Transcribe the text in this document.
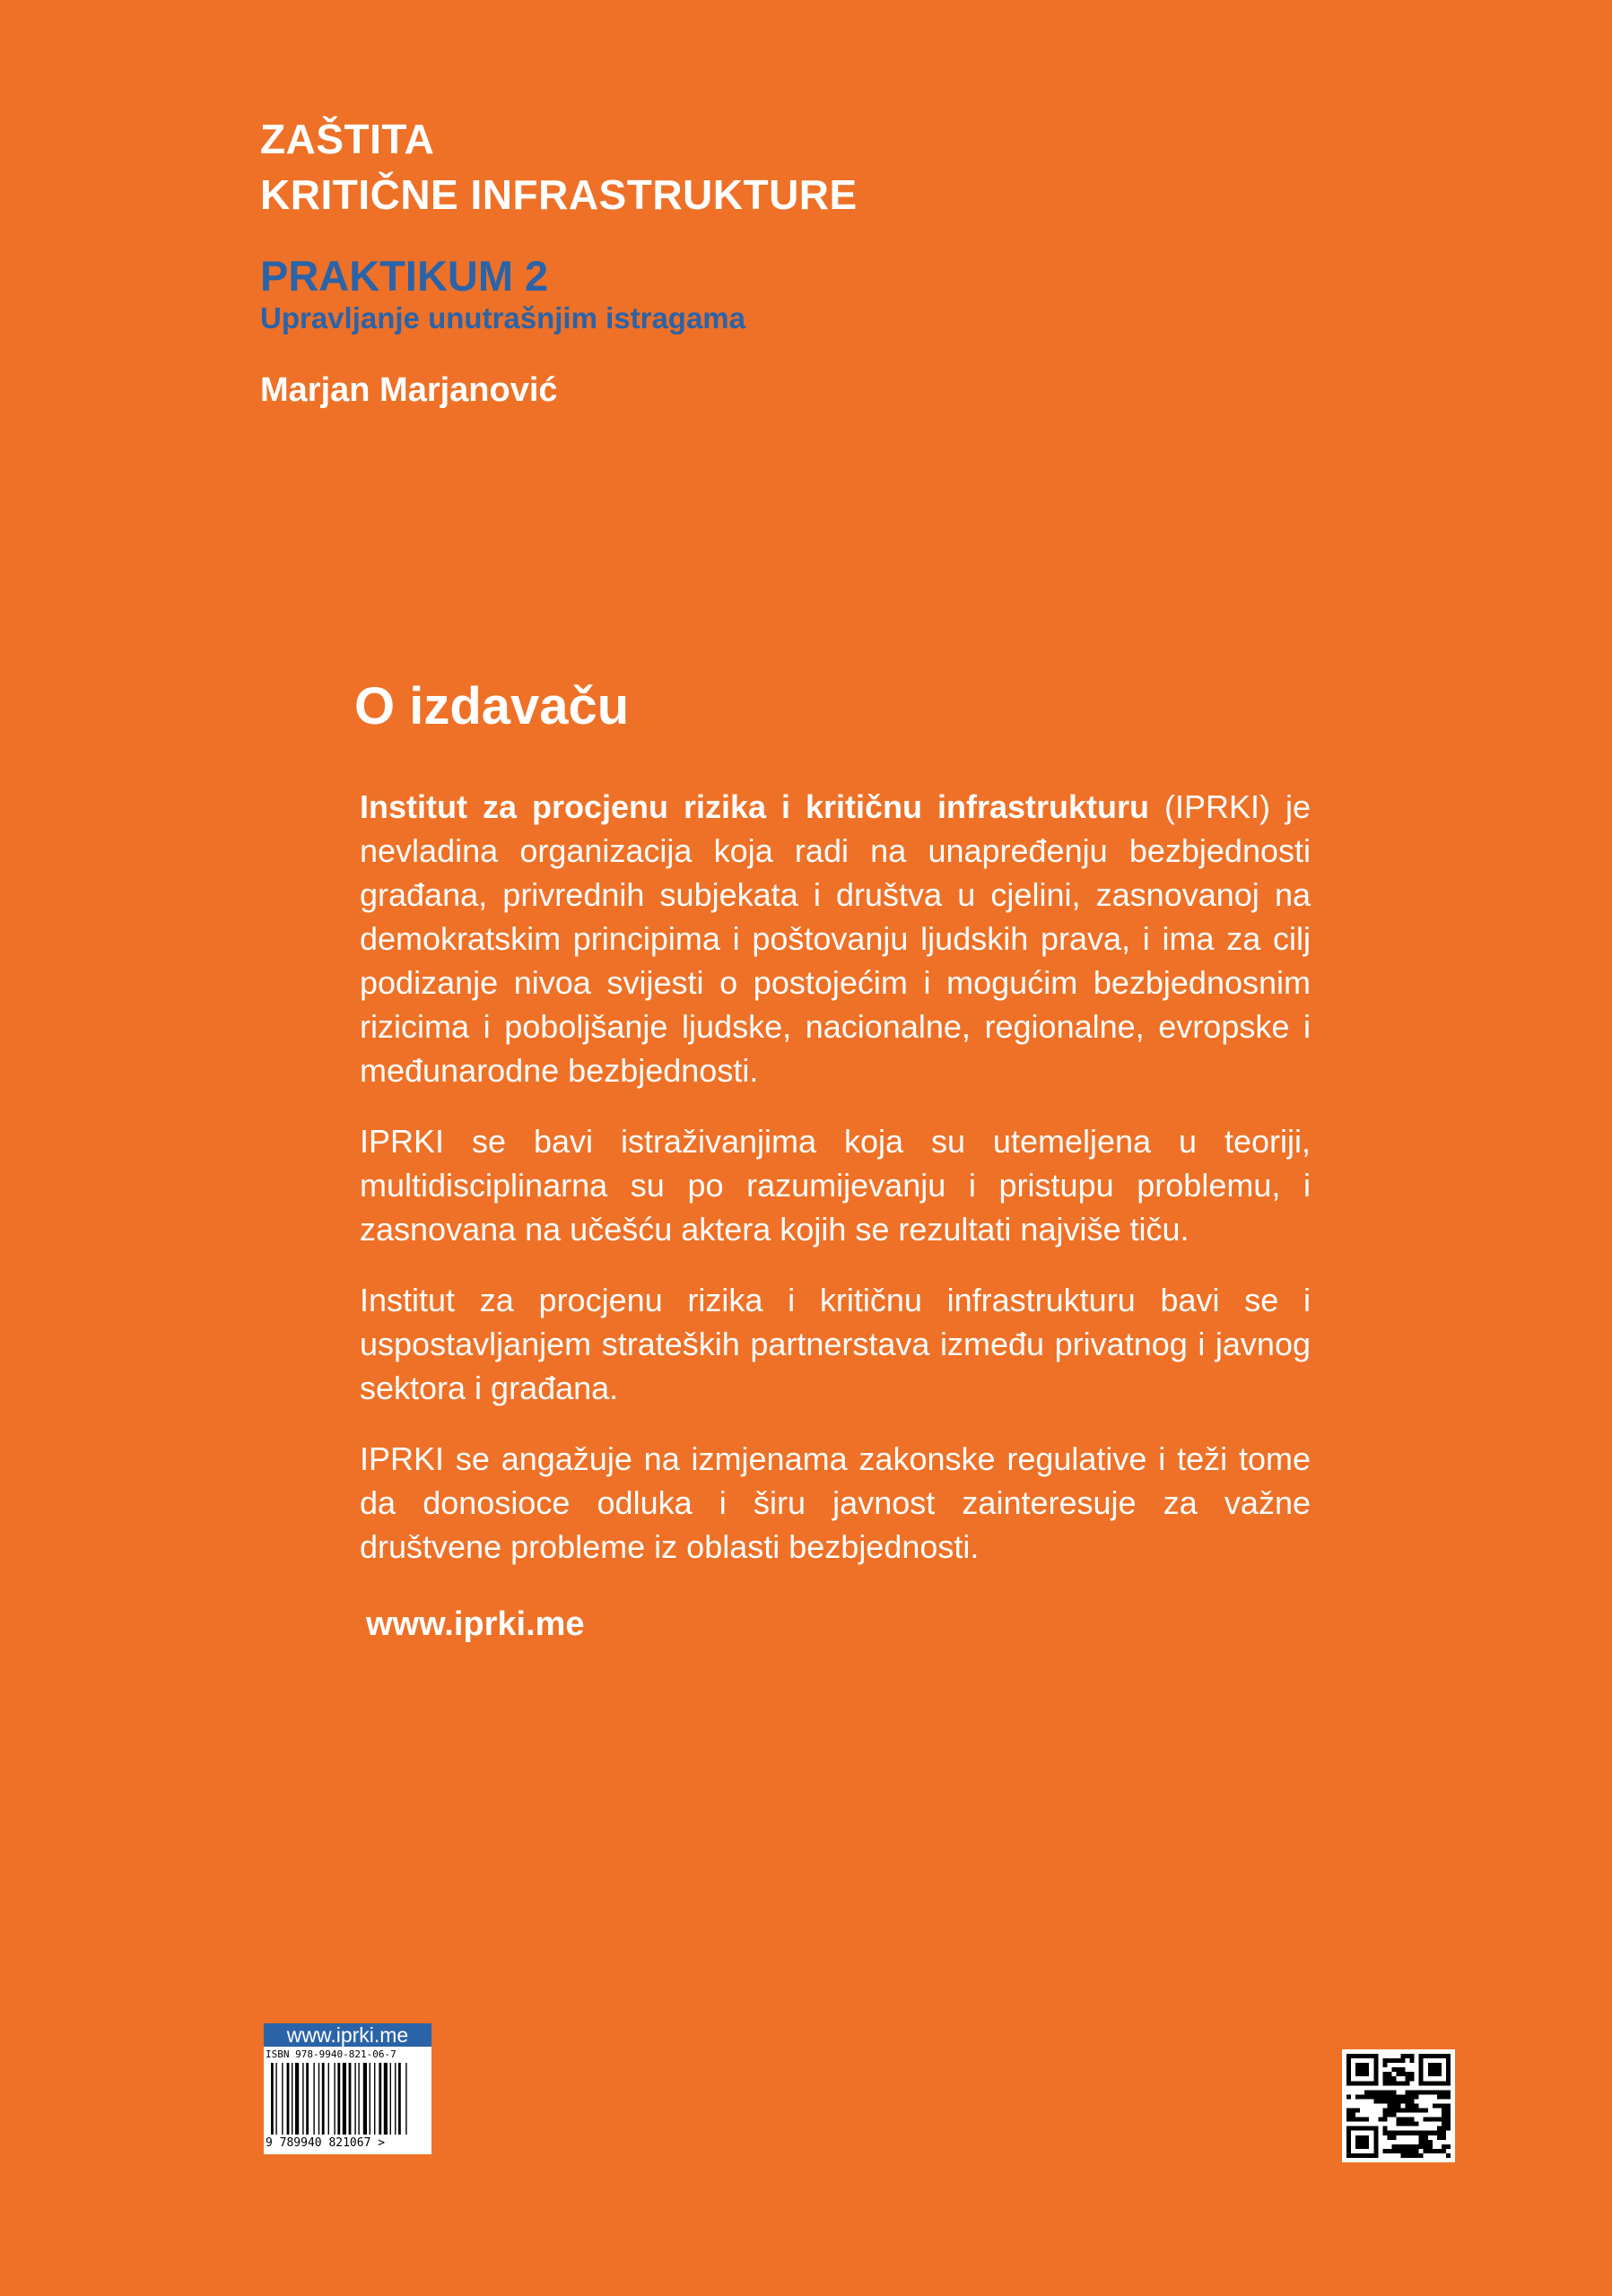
ZAŠTITA
KRITIČNE INFRASTRUKTURE
PRAKTIKUM 2
Upravljanje unutrašnjim istragama
Marjan Marjanović
O izdavaču

Institut za procjenu rizika i kritičnu infrastrukturu (IPRKI) je nevladina organizacija koja radi na unapređenju bezbjednosti građana, privrednih subjekata i društva u cjelini, zasnovanoj na demokratskim principima i poštovanju ljudskih prava, i ima za cilj podizanje nivoa svijesti o postojećim i mogućim bezbjednosnim rizicima i poboljšanje ljudske, nacionalne, regionalne, evropske i međunarodne bezbjednosti.

IPRKI se bavi istraživanjima koja su utemeljena u teoriji, multidisciplinarna su po razumijevanju i pristupu problemu, i zasnovana na učešću aktera kojih se rezultati najviše tiču.

Institut za procjenu rizika i kritičnu infrastrukturu bavi se i uspostavljanjem strateških partnerstava između privatnog i javnog sektora i građana.

IPRKI se angažuje na izmjenama zakonske regulative i teži tome da donosioce odluka i širu javnost zainteresuje za važne društvene probleme iz oblasti bezbjednosti.

www.iprki.me
www.iprki.me
ISBN 978-9940-821-06-7
9 789940 821067 >
